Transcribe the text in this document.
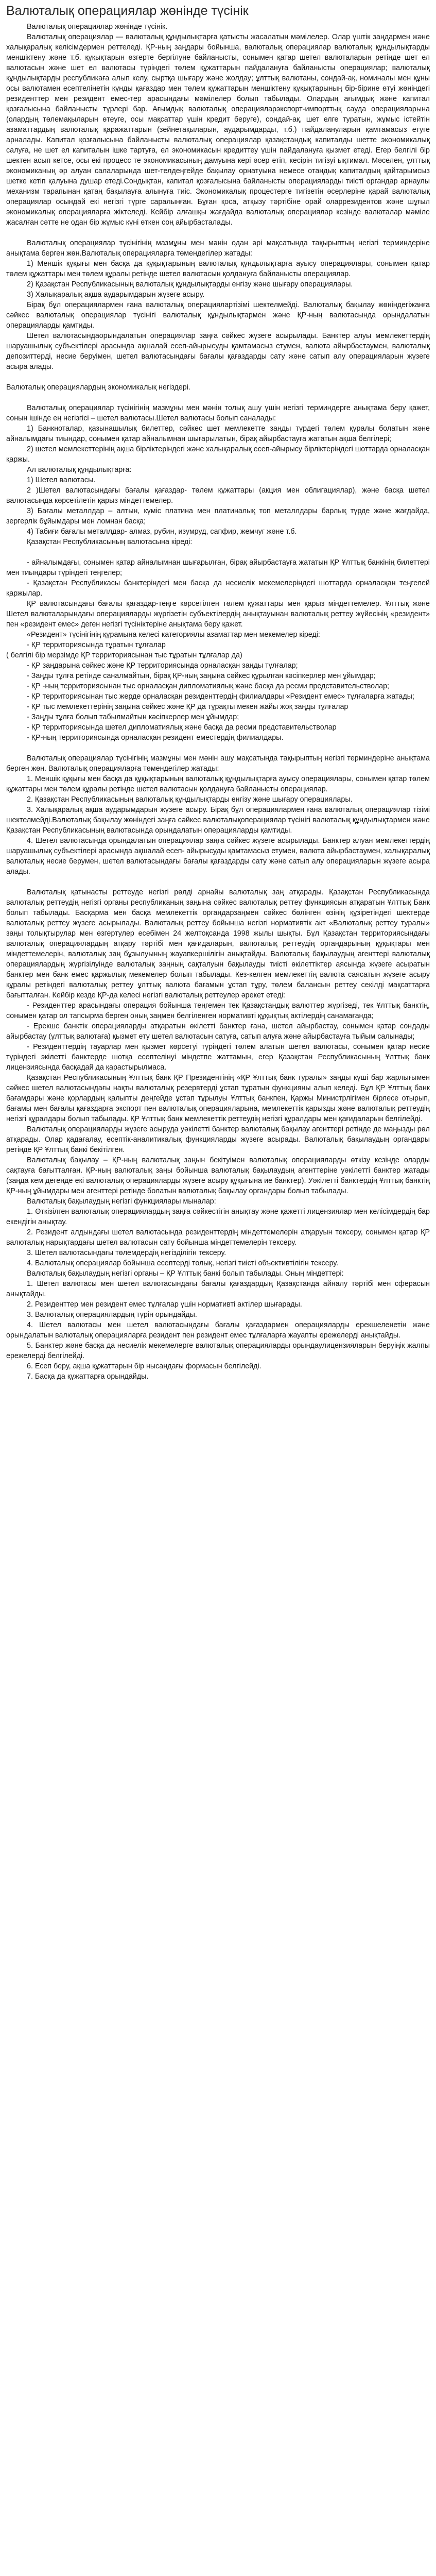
Валюталық операциялар жөнінде түсінік

Валюталық операциялар жөнінде түсінік.

Валюталық операциялар — валюталық құндылықтарға қатысты жасалатын мәмілелер. Олар үштік заңдармен және халықаралық келісімдермен реттеледі. ҚР-ның заңдары бойынша, валюталық операциялар валюталық құндылықтарды меншіктену және т.б. құқықтарын өзгерте бергілуне байланысты, сонымен қатар шетел валюталарын ретінде шет ел валютасын және шет ел валютасы түріндегі төлем құжаттарын пайдалануға байланысты операциялар; валюталық құндылықтарды республикаға алып келу, сыртқа шығару және жолдау; ұлттық валютаны, сондай-ақ, номиналы мен құны осы валютамен есептелінетін құнды қағаздар мен төлем құжаттарын меншіктену құқықтарының бір-бірине өтуі жөніндегі резиденттер мен резидент емес-тер арасындағы мәмілелер болып табылады. Олардың ағымдық және капитал қозғалысына байланысты түрлері бар. Ағымдық валюталық операцияларэкспорт-импорттық сауда операцияларына (олардың төлемақыларын өтеуге, осы мақсаттар үшін кредит беруге), сондай-ақ, шет елге туратын, жұмыс істейтін азаматтардың валюталық қаражаттарын (зейнетақыларын, аударымдарды, т.б.) пайдалануларын қамтамасыз етуге арналады. Капитал қозғалысына байланысты валюталық операциялар қазақстандық капиталды шетте экономикалық салуға, не шет ел капиталын ішке тартуға, ел экономикасын кредиттеу үшін пайдалануға қызмет етеді. Егер белгілі бір шектен асып кетсе, осы екі процесс те экономикасының дамуына кері әсер етіп, кесірін тигізуі ықтимал. Мәселен, ұлттық экономиканың әр алуан салаларында шет-телдеңгейде бақылау орнатуына немесе отандық капиталдың қайтарымсыз шетке кетіп қалуына душар етеді.Сондықтан, капитал қозғалысына байланысты операцияларды тиісті органдар арнаулы механизм тарапынан қатаң бақылауға алынуға тиіс. Экономикалық процестерге тигізетін әсерлеріне қарай валюталық операциялар осындай екі негізгі түрге саралынған. Бұған қоса, атқызу тәртібіне орай оларрезидентов және шұғыл экономикалық операцияларға жіктеледі. Кейбір алғашқы жағдайда валюталық операциялар кезінде валюталар мәміле жасалған сәтте не одан бір жұмыс күні өткен соң айырбасталады.

Валюталық операциялар түсінігінің мазмұны мен мәнін одан әрі мақсатында тақырыптың негізгі терминдеріне анықтама берген жөн.Валюталық операцияларға төмендегілер жатады:

1) Меншік құқығы мен басқа да құқықтарының валюталық құндылықтарға ауысу операциялары, сонымен қатар төлем құжаттары мен төлем құралы ретінде шетел валютасын қолдануға байланысты операциялар.

2) Қазақстан Республикасының валюталық құндылықтарды енгізу және шығару операциялары.

3) Халықаралық ақша аударымдарын жүзеге асыру.

Бірақ бұл операциялармен ғана валюталық операциялартізімі шектелмейді. Валюталық бақылау жөніндегіжанға сәйкес валюталық операциялар түсінігі валюталық құндылықтармен және ҚР-ның валютасында орындалатын операцияларды қамтиды.

Шетел валютасындаорындалатын операциялар заңға сәйкес жүзеге асырылады. Банктер алуы мемлекеттердің шаруашылық субъектілері арасында ақшалай есеп-айырысуды қамтамасыз етумен, валюта айырбастаумен, валюталық депозиттерді, несие беруімен, шетел валютасындағы бағалы қағаздарды сату және сатып алу операцияларын жүзеге асыра алады.

Валюталық операциялардың экономикалық негіздері.

Валюталық операциялар түсінігінің мазмұны мен мәнін толық ашу үшін негізгі терминдерге анықтама беру қажет, сонын ішінде ең негізгісі – шетел валютасы.Шетел валютасы болып саналады:

1) Банкноталар, қазынашылық билеттер, сәйкес шет мемлекетте заңды түрдегі төлем құралы болатын және айналымдағы тиындар, сонымен қатар айналымнан шығарылатын, бірақ айырбастауға жататын ақша белгілері;

2) шетел мемлекеттерінің ақша бірліктеріндегі және халықаралық есеп-айырысу бірліктеріндегі шоттарда орналасқан қаржы.

Ал валюталық құндылықтарға:

1) Шетел валютасы.

2 )Шетел валютасындағы бағалы қағаздар- төлем құжаттары (акция мен облигациялар), және басқа шетел валютасында көрсетілетін қарыз міндеттемелер.

3) Бағалы металлдар – алтын, күміс платина мен платиналық топ металлдары барлық түрде және жағдайда, зергерлік бұйымдары мен ломнан басқа;

4) Табиғи бағалы металлдар- алмаз, рубин, изумруд, сапфир, жемчуг және т.б.

Қазақстан Республикасының валютасына кіреді:

- айналымдағы, сонымен қатар айналымнан шығарылған, бірақ айырбастауға жататын ҚР Ұлттық банкінің билеттері мен тиындары түріндегі теңгелер;

- Қазақстан Республикасы банктеріндегі мен басқа да несиелік мекемелеріндегі шоттарда орналасқан теңгелей қаржылар.

ҚР валютасындағы бағалы қағаздар-теңге көрсетілген төлем құжаттары мен қарыз міндеттемелер. Ұлттық және Шетел валюталарындағы операцияларды жүргізетін субъектілердің анықтауынан валюталық реттеу жүйесінің «резидент» пен «резидент емес» деген негізгі түсініктеріне анықтама беру қажет.

«Резидент» түсінігінің құрамына келесі категориялы азаматтар мен мекемелер кіреді:

- ҚР территориясында тұратын тұлғалар

( белгілі бір мерзімде ҚР территориясынан тыс тұратын тұлғалар да)

- ҚР заңдарына сәйкес және ҚР территориясында орналасқан заңды тұлғалар;

- Заңды тұлға ретінде саналмайтын, бірақ ҚР-ның заңына сәйкес құрылған кәсіпкерлер мен ұйымдар;

- ҚР -ның территориясынан тыс орналасқан дипломатиялық және басқа да ресми представительстволар;

- ҚР территориясынан тыс жерде орналасқан резиденттердің филиалдары «Резидент емес» тұлғаларға жатады;

- ҚР тыс мемлекеттерінің заңына сәйкес және ҚР да тұрақты мекен жайы жоқ заңды тұлғалар

- Заңды тұлға болып табылмайтын кәсіпкерлер мен ұйымдар;

- ҚР территориясында шетел дипломатиялық және басқа да ресми представительстволар

- ҚР-ның территориясында орналасқан резидент еместердің филиалдары.

Валюталық операциялар түсінігінің мазмұны мен мәнін ашу мақсатында тақырыптың негізгі терминдеріне анықтама берген жөн. Валюталық операцияларға төмендегілер жатады:

1. Меншік құқығы мен басқа да құқықтарының валюталық құндылықтарға ауысу операциялары, сонымен қатар төлем құжаттары мен төлем құралы ретінде шетел валютасын қолдануға байланысты операциялар.

2. Қазақстан Республикасының валюталық құндылықтарды енгізу және шығару операциялары.

3. Халықаралық ақша аударымдарын жүзеге асыру. Бірақ бұл операциялармен ғана валюталық операциялар тізімі шектелмейді.Валюталық бақылау жөніндегі заңға сәйкес валюталықоперациялар түсінігі валюталық құндылықтармен және Қазақстан Республикасының валютасында орындалатын операцияларды қамтиды.

4. Шетел валютасында орындалатын операциялар заңға сәйкес жүзеге асырылады. Банктер алуан мемлекеттердің шаруашылық субъектілері арасында ақшалай есеп- айырысуды қамтамасыз етумен, валюта айырбастаумен, халықаралық валюталық несие берумен, шетел валютасындағы бағалы қағаздарды сату және сатып алу операцияларын жүзеге асыра алады.

Валюталық қатынасты реттеуде негізгі рөлді арнайы валюталық заң атқарады. Қазақстан Республикасында валюталық реттеудің негізгі органы республиканың заңына сәйкес валюталық реттеу функциясын атқаратын Ұлттық Банк болып табылады. Басқарма мен басқа мемлекеттік органдарзаңмен сәйкес бөлінген өзінің құзіретіндегі шектерде валюталық реттеу жүзеге асырылады. Валюталық реттеу бойынша негізгі нормативтік акт «Валюталық реттеу туралы» заңы толықтырулар мен өзгертулер есебімен 24 желтоқсанда 1998 жылы шықты. Бұл Қазақстан территориясындағы валюталық операциялардың атқару тәртібі мен қағидаларын, валюталық реттеудің органдарының құқықтары мен міндеттемелерін, валюталық заң бұзылуының жауапкершілігін анықтайды. Валюталық бақылаудың агенттері валюталық операциялардың жүргізілуінде валюталық заңның сақталуын бақылауды тиісті өкілеттіктер аясында жүзеге асыратын банктер мен банк емес қаржылық мекемелер болып табылады. Кез-келген мемлекеттің валюта саясатын жүзеге асыру құралы ретіндегі валюталық реттеу ұлттық валюта бағамын ұстап тұру, төлем балансын реттеу секілді мақсаттарға бағытталған. Кейбір кезде ҚР-да келесі негізгі валюталық реттеулер әрекет етеді:

- Резиденттер арасындағы операция бойынша теңгемен тек Қазақстандық валюттер жүргізеді, тек Ұлттық банктің, сонымен қатар ол тапсырма берген оның заңмен белгіленген нормативті құқықтық актілердің санамағанда;

- Ерекше банктік операцияларды атқаратын өкілетті банктер ғана, шетел айырбастау, сонымен қатар сондады айырбастау (ұлттық валютаға) қызмет ету шетел валютасын сатуға, сатып алуға және айырбастауға тыйым салынады;

- Резиденттердің тауарлар мен қызмет көрсетуі түріндегі төлем алатын шетел валютасы, сонымен қатар несие түріндегі экілетті банктерде шотқа есептелінуі міндетпе жаттамын, егер Қазақстан Республикасының Ұлттық банк лицензиясында басқадай да қарастырылмаса.

Қазақстан Республикасының Ұлттық банк ҚР Президентінің «ҚР Ұлттық банк туралы» заңды күші бар жарлығымен сәйкес шетел валютасындағы нақты валюталық резервтерді ұстап тұратын функцияны алып келеді. Бұл ҚР Ұлттық банк бағамдары және қорлардың қалыпты деңгейде ұстап тұрылуы Ұлттық банкпен, Қаржы Министрлігімен бірлесе отырып, бағамы мен бағалы қағаздарға экспорт пен валюталық операцияларына, мемлекеттік қарызды және валюталық реттеудің негізгі құралдары болып табылады. ҚР Ұлттық банк мемлекеттік реттеудің негізгі құралдары мен қағидаларын белгілейді.

Валюталық операцияларды жүзеге асыруда уәкілетті банктер валюталық бақылау агенттері ретінде де маңызды рөл атқарады. Олар қадағалау, есептік-аналитикалық функцияларды жүзеге асырады. Валюталық бақылаудың органдары ретінде ҚР Ұлттық банкі бекітілген.

Валюталық бақылау – ҚР-ның валюталық заңын бекітуімен валюталық операцияларды өткізу кезінде оларды сақтауға бағытталған. ҚР-ның валюталық заңы бойынша валюталық бақылаудың агенттеріне уәкілетті банктер жатады (заңда кем дегенде екі валюталық операцияларды жүзеге асыру құқығына ие банктер). Уәкілетті банктердің Ұлттық банктің ҚР-ның ұйымдары мен агенттері ретінде болатын валюталық бақылау органдары болып табылады.

Валюталық бақылаудың негізгі функциялары мыналар:

1. Өткізілген валюталық операциялардың заңға сәйкестігін анықтау және қажетті лицензиялар мен келісімдердің бар екендігін анықтау.

2. Резидент алдындағы шетел валютасында резиденттердің міндеттемелерін атқаруын тексеру, сонымен қатар ҚР валюталық нарықтардағы шетел валютасын сату бойынша міндеттемелерін тексеру.

3. Шетел валютасындағы төлемдердің негізділігін тексеру.

4. Валюталық операциялар бойынша есептерді толық, негізгі тиісті объективтілігін тексеру.

Валюталық бақылаудың негізгі органы – ҚР Ұлттық банкі болып табылады. Оның міндеттері:

1. Шетел валютасы мен шетел валютасындағы бағалы қағаздардың Қазақстанда айналу тәртібі мен сферасын анықтайды.

2. Резиденттер мен резидент емес тұлғалар үшін нормативті актілер шығарады.

3. Валюталық операциялардың түрін орындайды.

4. Шетел валютасы мен шетел валютасындағы бағалы қағаздармен операцияларды ерекшеленетін және орындалатын валюталық операцияларға резидент пен резидент емес тұлғаларға жауапты ережелерді анықтайды.

5. Банктер және басқа да несиелік мекемелерге валюталық операцияларды орындаулицензияларын беруіңік жалпы ережелерді белгілейді.

6. Есеп беру, ақша құжаттарын бір нысандағы формасын белгілейді.

7. Басқа да құжаттарға орындайды.
